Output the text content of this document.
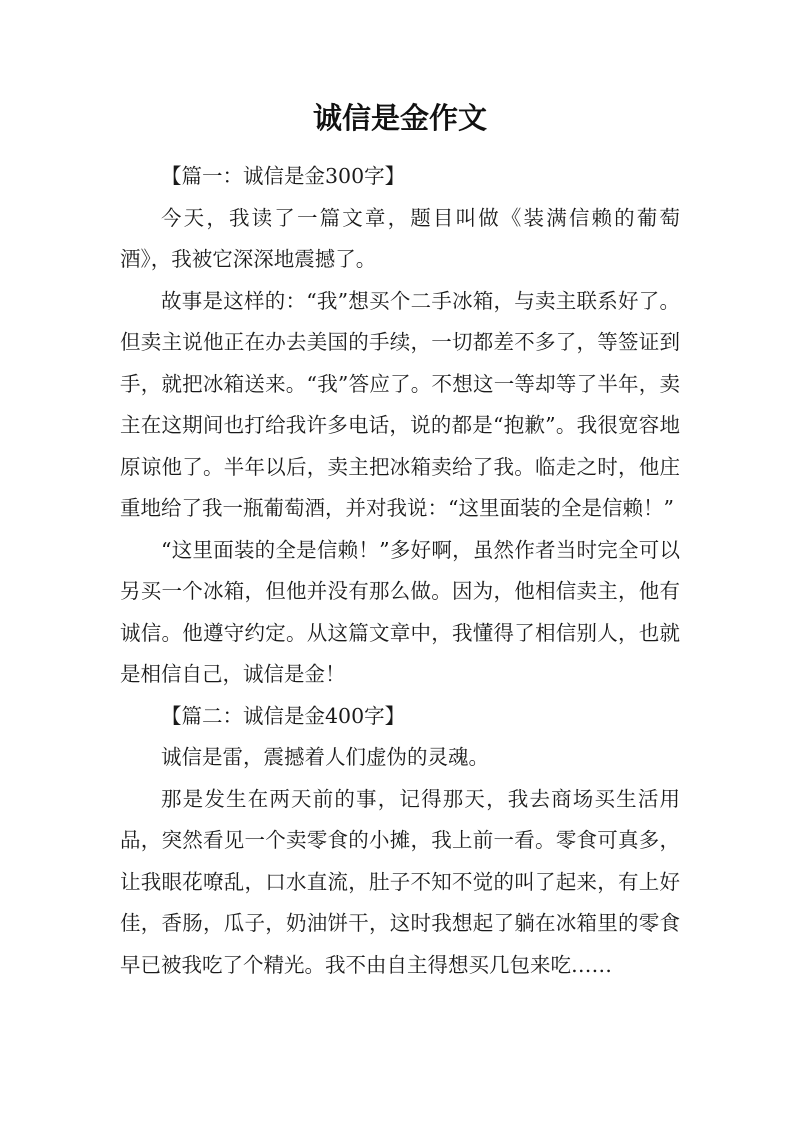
诚信是金作文

【篇一：诚信是金300字】

今天，我读了一篇文章，题目叫做《装满信赖的葡萄酒》，我被它深深地震撼了。

故事是这样的：“我”想买个二手冰箱，与卖主联系好了。但卖主说他正在办去美国的手续，一切都差不多了，等签证到手，就把冰箱送来。“我”答应了。不想这一等却等了半年，卖主在这期间也打给我许多电话，说的都是“抱歉”。我很宽容地原谅他了。半年以后，卖主把冰箱卖给了我。临走之时，他庄重地给了我一瓶葡萄酒，并对我说：“这里面装的全是信赖！”

“这里面装的全是信赖！”多好啊，虽然作者当时完全可以另买一个冰箱，但他并没有那么做。因为，他相信卖主，他有诚信。他遵守约定。从这篇文章中，我懂得了相信别人，也就是相信自己，诚信是金！

【篇二：诚信是金400字】

诚信是雷，震撼着人们虚伪的灵魂。

那是发生在两天前的事，记得那天，我去商场买生活用品，突然看见一个卖零食的小摊，我上前一看。零食可真多，让我眼花嘹乱，口水直流，肚子不知不觉的叫了起来，有上好佳，香肠，瓜子，奶油饼干，这时我想起了躺在冰箱里的零食早已被我吃了个精光。我不由自主得想买几包来吃……
